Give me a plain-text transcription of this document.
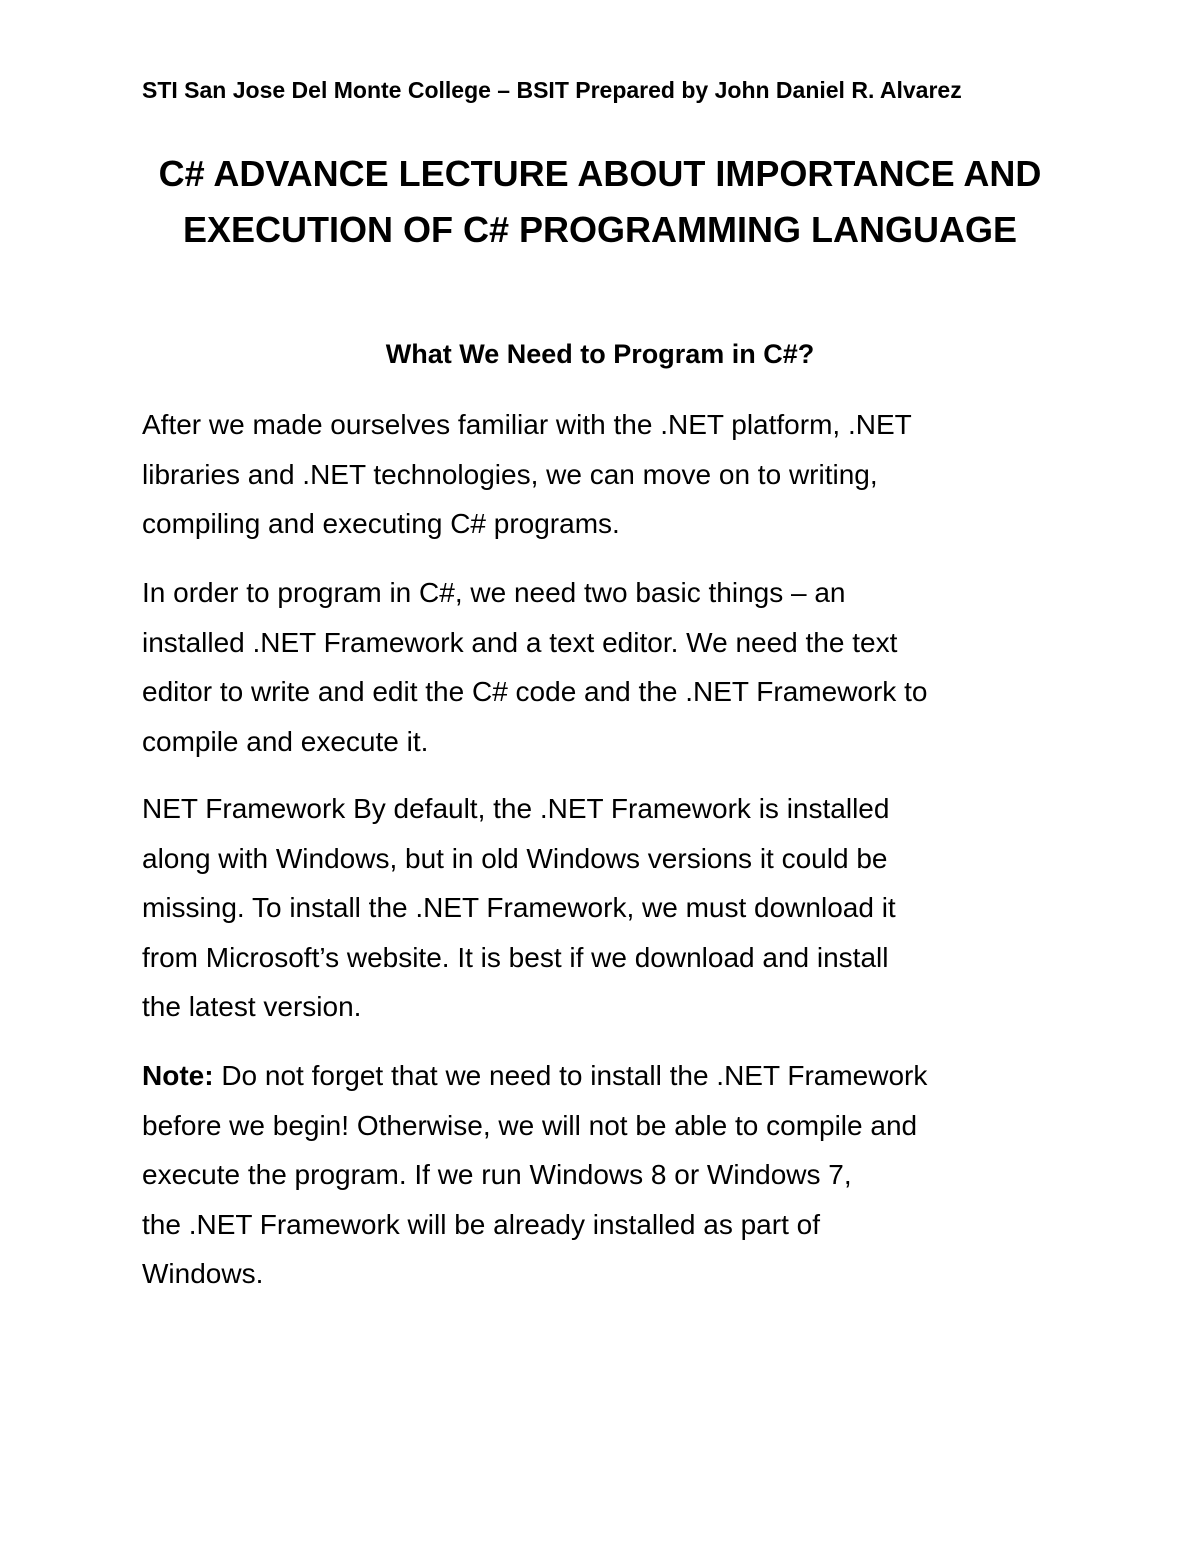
STI San Jose Del Monte College – BSIT Prepared by John Daniel R. Alvarez
C# ADVANCE LECTURE ABOUT IMPORTANCE AND
EXECUTION OF C# PROGRAMMING LANGUAGE
What We Need to Program in C#?
After we made ourselves familiar with the .NET platform, .NET
libraries and .NET technologies, we can move on to writing,
compiling and executing C# programs.
In order to program in C#, we need two basic things – an
installed .NET Framework and a text editor. We need the text
editor to write and edit the C# code and the .NET Framework to
compile and execute it.
NET Framework By default, the .NET Framework is installed
along with Windows, but in old Windows versions it could be
missing. To install the .NET Framework, we must download it
from Microsoft’s website. It is best if we download and install
the latest version.
Note: Do not forget that we need to install the .NET Framework
before we begin! Otherwise, we will not be able to compile and
execute the program. If we run Windows 8 or Windows 7,
the .NET Framework will be already installed as part of
Windows.
